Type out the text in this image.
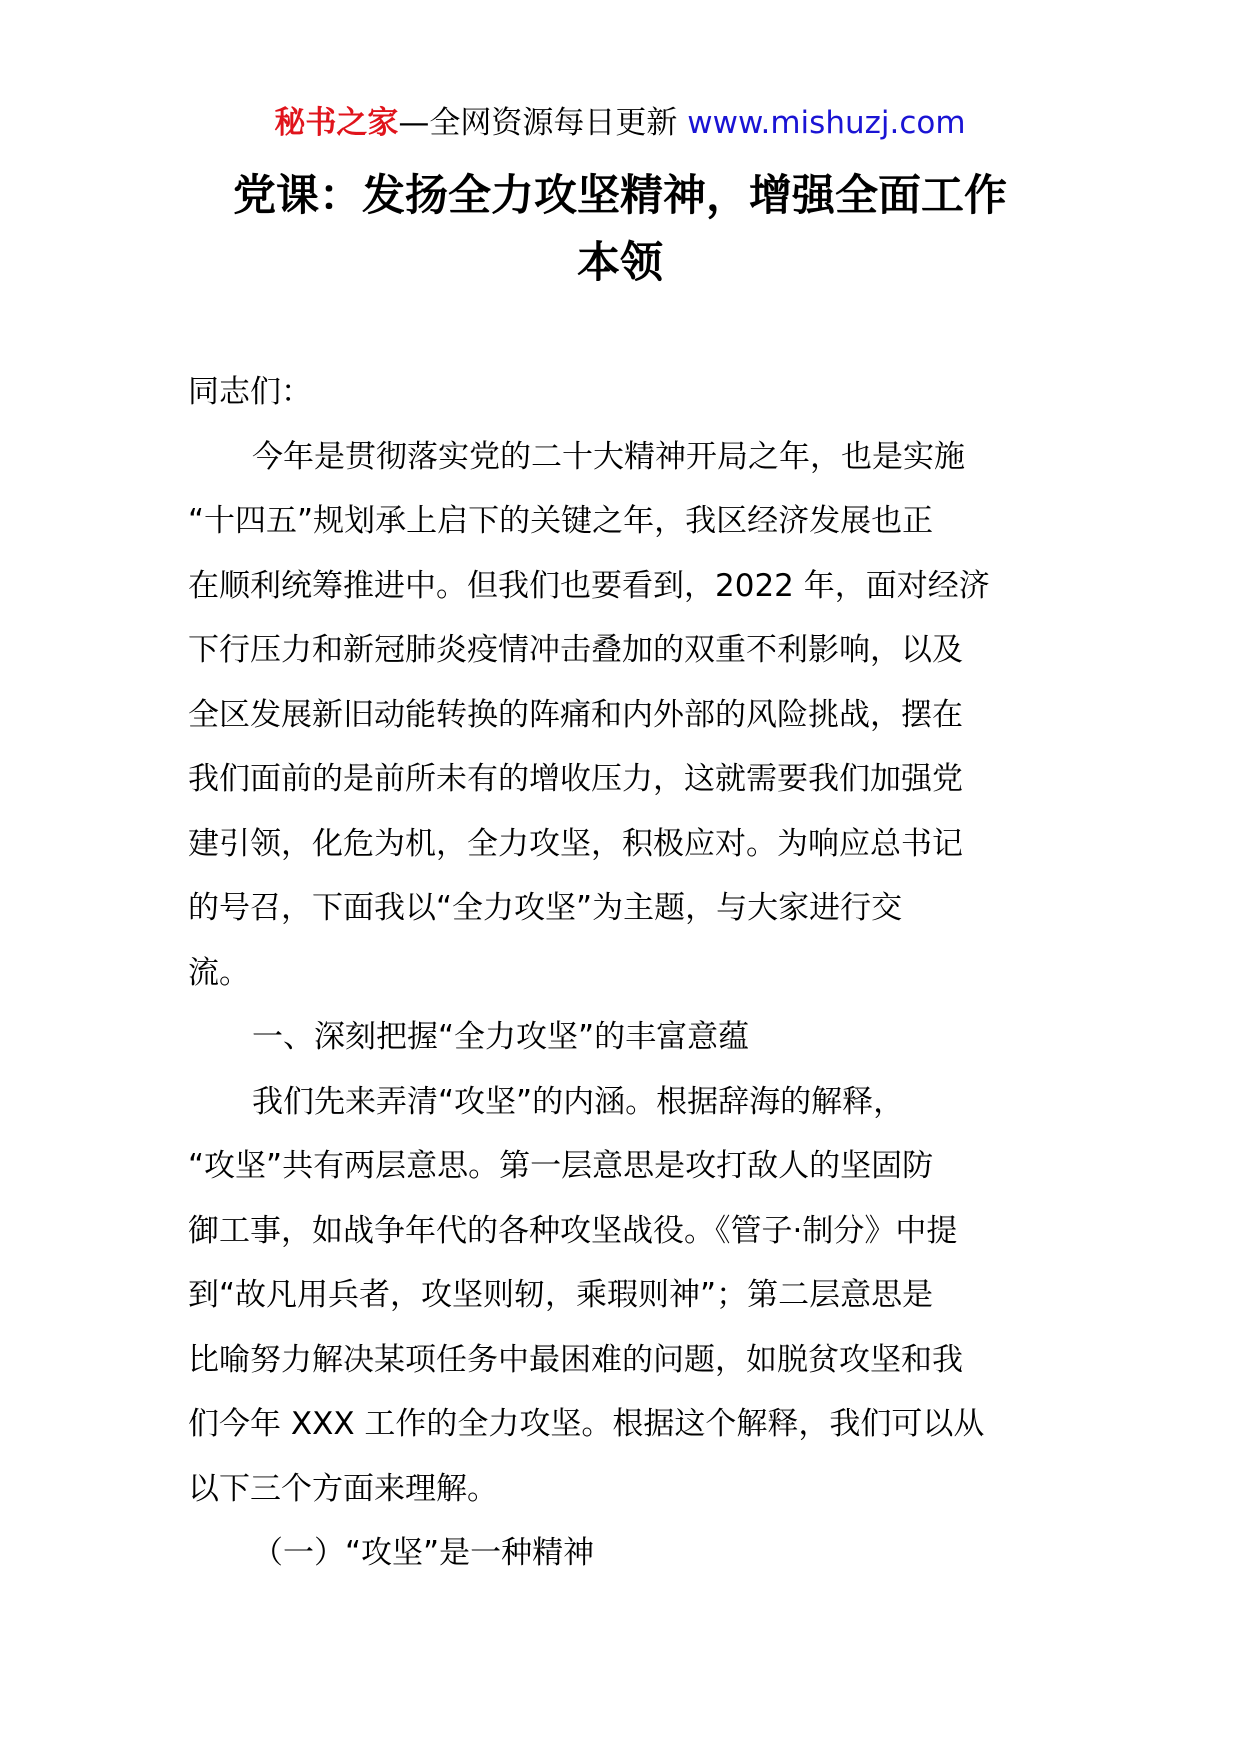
秘书之家—全网资源每日更新 www.mishuzj.com
党课：发扬全力攻坚精神，增强全面工作
本领

同志们：

今年是贯彻落实党的二十大精神开局之年，也是实施
“十四五”规划承上启下的关键之年，我区经济发展也正
在顺利统筹推进中。但我们也要看到，2022 年，面对经济
下行压力和新冠肺炎疫情冲击叠加的双重不利影响，以及
全区发展新旧动能转换的阵痛和内外部的风险挑战，摆在
我们面前的是前所未有的增收压力，这就需要我们加强党
建引领，化危为机，全力攻坚，积极应对。为响应总书记
的号召，下面我以“全力攻坚”为主题，与大家进行交
流。

一、深刻把握“全力攻坚”的丰富意蕴

我们先来弄清“攻坚”的内涵。根据辞海的解释，
“攻坚”共有两层意思。第一层意思是攻打敌人的坚固防
御工事，如战争年代的各种攻坚战役。《管子·制分》中提
到“故凡用兵者，攻坚则轫，乘瑕则神”；第二层意思是
比喻努力解决某项任务中最困难的问题，如脱贫攻坚和我
们今年 XXX 工作的全力攻坚。根据这个解释，我们可以从
以下三个方面来理解。

（一）“攻坚”是一种精神
